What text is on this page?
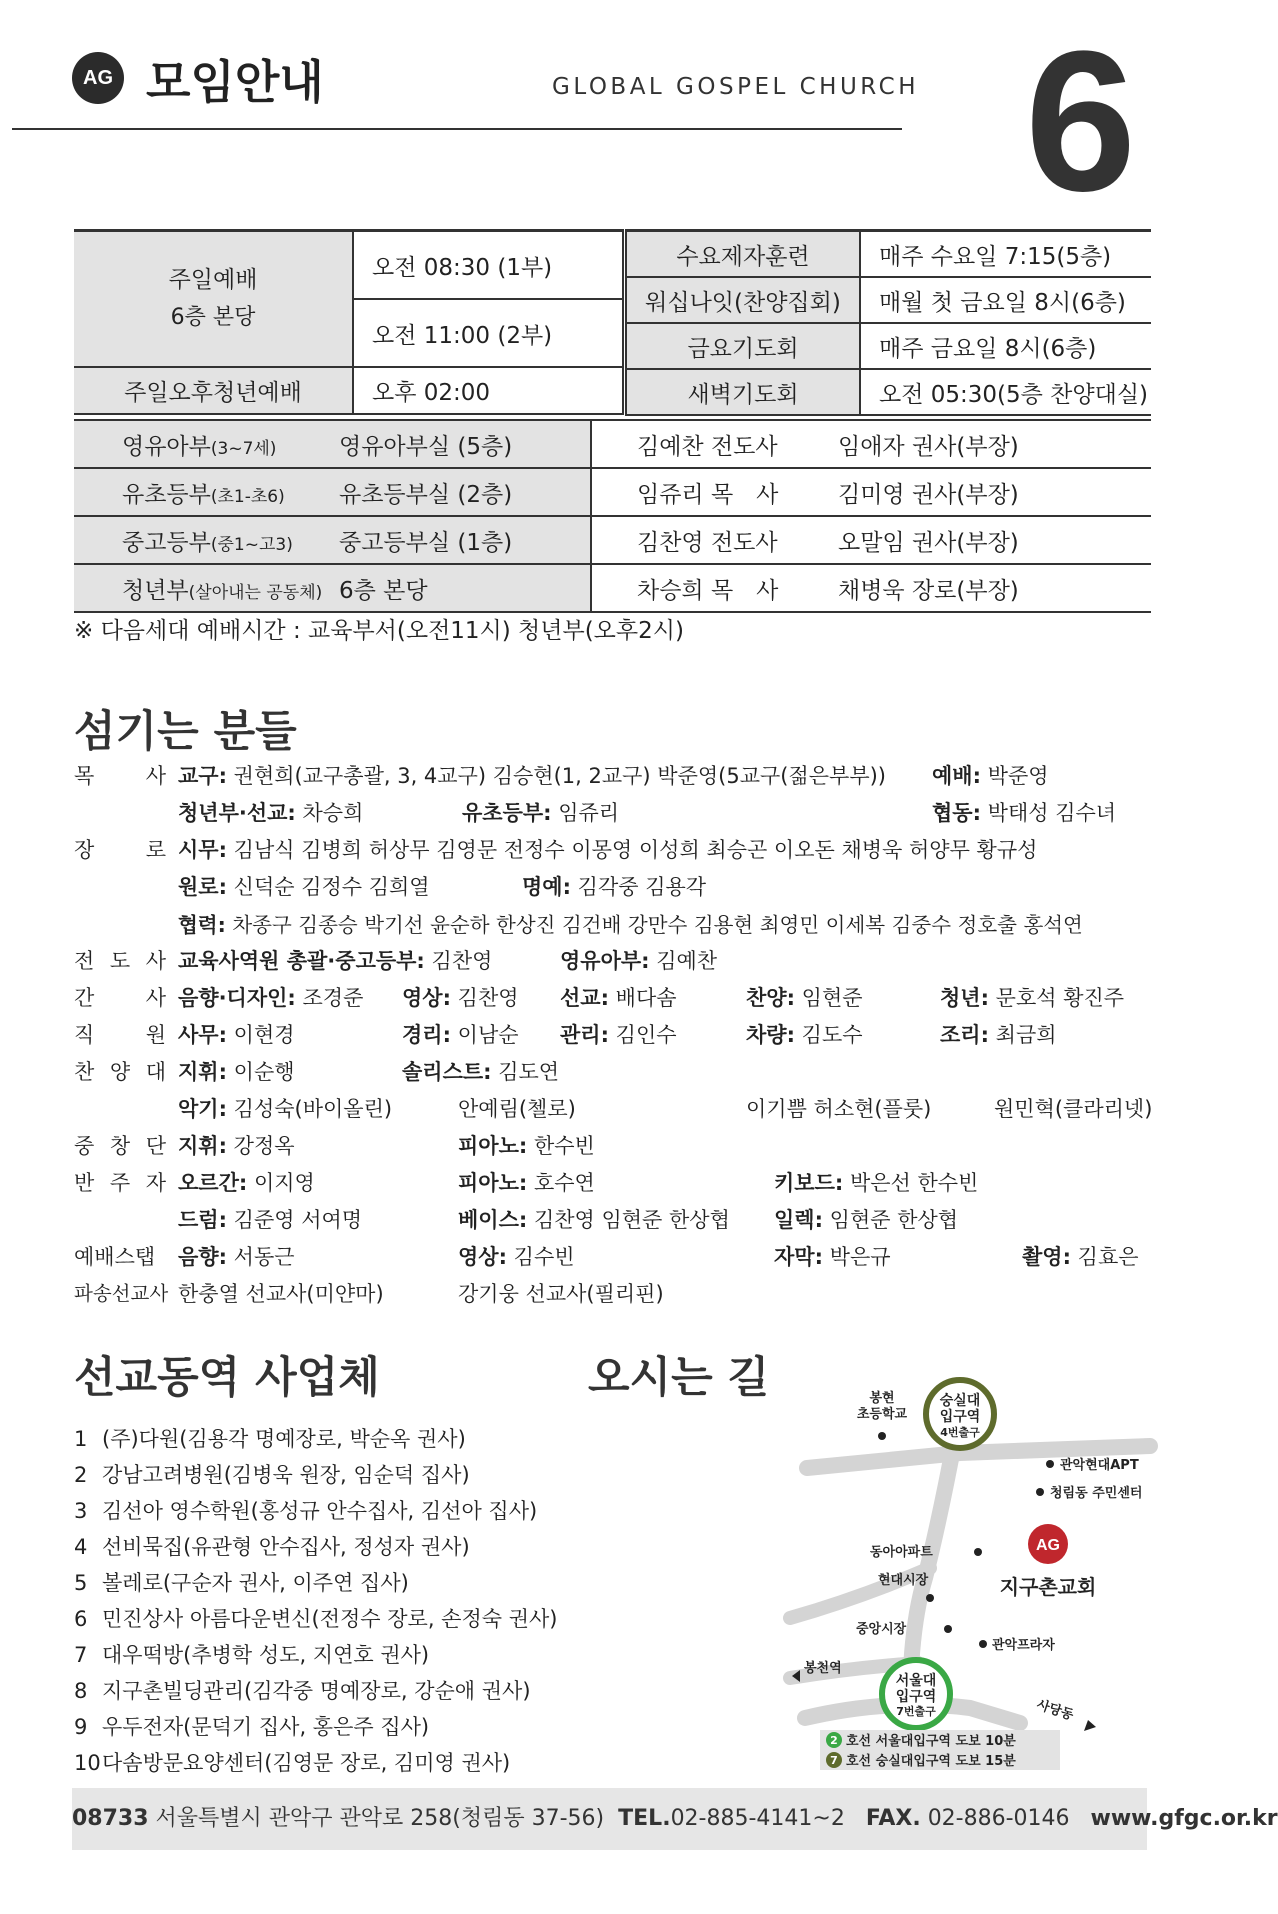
AG 모임안내	GLOBAL GOSPEL CHURCH 6
주일예배
6층 본당	오전 08:30 (1부)
	오전 11:00 (2부)
주일오후청년예배	오후 02:00
수요제자훈련	매주 수요일 7:15(5층)
워십나잇(찬양집회)	매월 첫 금요일 8시(6층)
금요기도회	매주 금요일 8시(6층)
새벽기도회	오전 05:30(5층 찬양대실)
영유아부(3~7세)	영유아부실 (5층)	김예찬 전도사	임애자 권사(부장)
유초등부(초1-초6)	유초등부실 (2층)	임쥬리 목　사	김미영 권사(부장)
중고등부(중1~고3)	중고등부실 (1층)	김찬영 전도사	오말임 권사(부장)
청년부(살아내는 공동체)	6층 본당	차승희 목　사	채병욱 장로(부장)
※ 다음세대 예배시간 : 교육부서(오전11시) 청년부(오후2시)
섬기는 분들
목 사 교구: 권현희(교구총괄, 3, 4교구) 김승현(1, 2교구) 박준영(5교구(젊은부부)) 예배: 박준영
청년부·선교: 차승희	유초등부: 임쥬리	협동: 박태성 김수녀
장 로 시무: 김남식 김병희 허상무 김영문 전정수 이몽영 이성희 최승곤 이오돈 채병욱 허양무 황규성
원로: 신덕순 김정수 김희열	명예: 김각중 김용각
협력: 차종구 김종승 박기선 윤순하 한상진 김건배 강만수 김용현 최영민 이세복 김중수 정호출 홍석연
전 도 사 교육사역원 총괄·중고등부: 김찬영	영유아부: 김예찬
간 사 음향·디자인: 조경준 영상: 김찬영 선교: 배다솜	찬양: 임현준	청년: 문호석 황진주
직 원 사무: 이현경	경리: 이남순 관리: 김인수	차량: 김도수	조리: 최금희
찬 양 대 지휘: 이순행	솔리스트: 김도연
악기: 김성숙(바이올린)	안예림(첼로)	이기쁨 허소현(플룻)	원민혁(클라리넷)
중 창 단 지휘: 강정옥	피아노: 한수빈
반 주 자 오르간: 이지영	피아노: 호수연	키보드: 박은선 한수빈
드럼: 김준영 서여명	베이스: 김찬영 임현준 한상협 일렉: 임현준 한상협
예배스탭 음향: 서동근	영상: 김수빈	자막: 박은규	촬영: 김효은
파송선교사 한충열 선교사(미얀마)	강기웅 선교사(필리핀)
선교동역 사업체
1 (주)다원(김용각 명예장로, 박순옥 권사)
2 강남고려병원(김병욱 원장, 임순덕 집사)
3 김선아 영수학원(홍성규 안수집사, 김선아 집사)
4 선비묵집(유관형 안수집사, 정성자 권사)
5 볼레로(구순자 권사, 이주연 집사)
6 민진상사 아름다운변신(전정수 장로, 손정숙 권사)
7 대우떡방(추병학 성도, 지연호 권사)
8 지구촌빌딩관리(김각중 명예장로, 강순애 권사)
9 우두전자(문덕기 집사, 홍은주 집사)
10다솜방문요양센터(김영문 장로, 김미영 권사)
오시는 길	숭실대
입구역
4번출구
서울대
입구역
7번출구
봉현
초등학교
관악현대APT
청림동 주민센터
동아아파트
현대시장
중앙시장
관악프라자
AG
지구촌교회
봉천역
사당동
2 호선 서울대입구역 도보 10분
7 호선 숭실대입구역 도보 15분
08733 서울특별시 관악구 관악로 258(청림동 37-56) TEL.02-885-4141~2 FAX. 02-886-0146 www.gfgc.or.kr
